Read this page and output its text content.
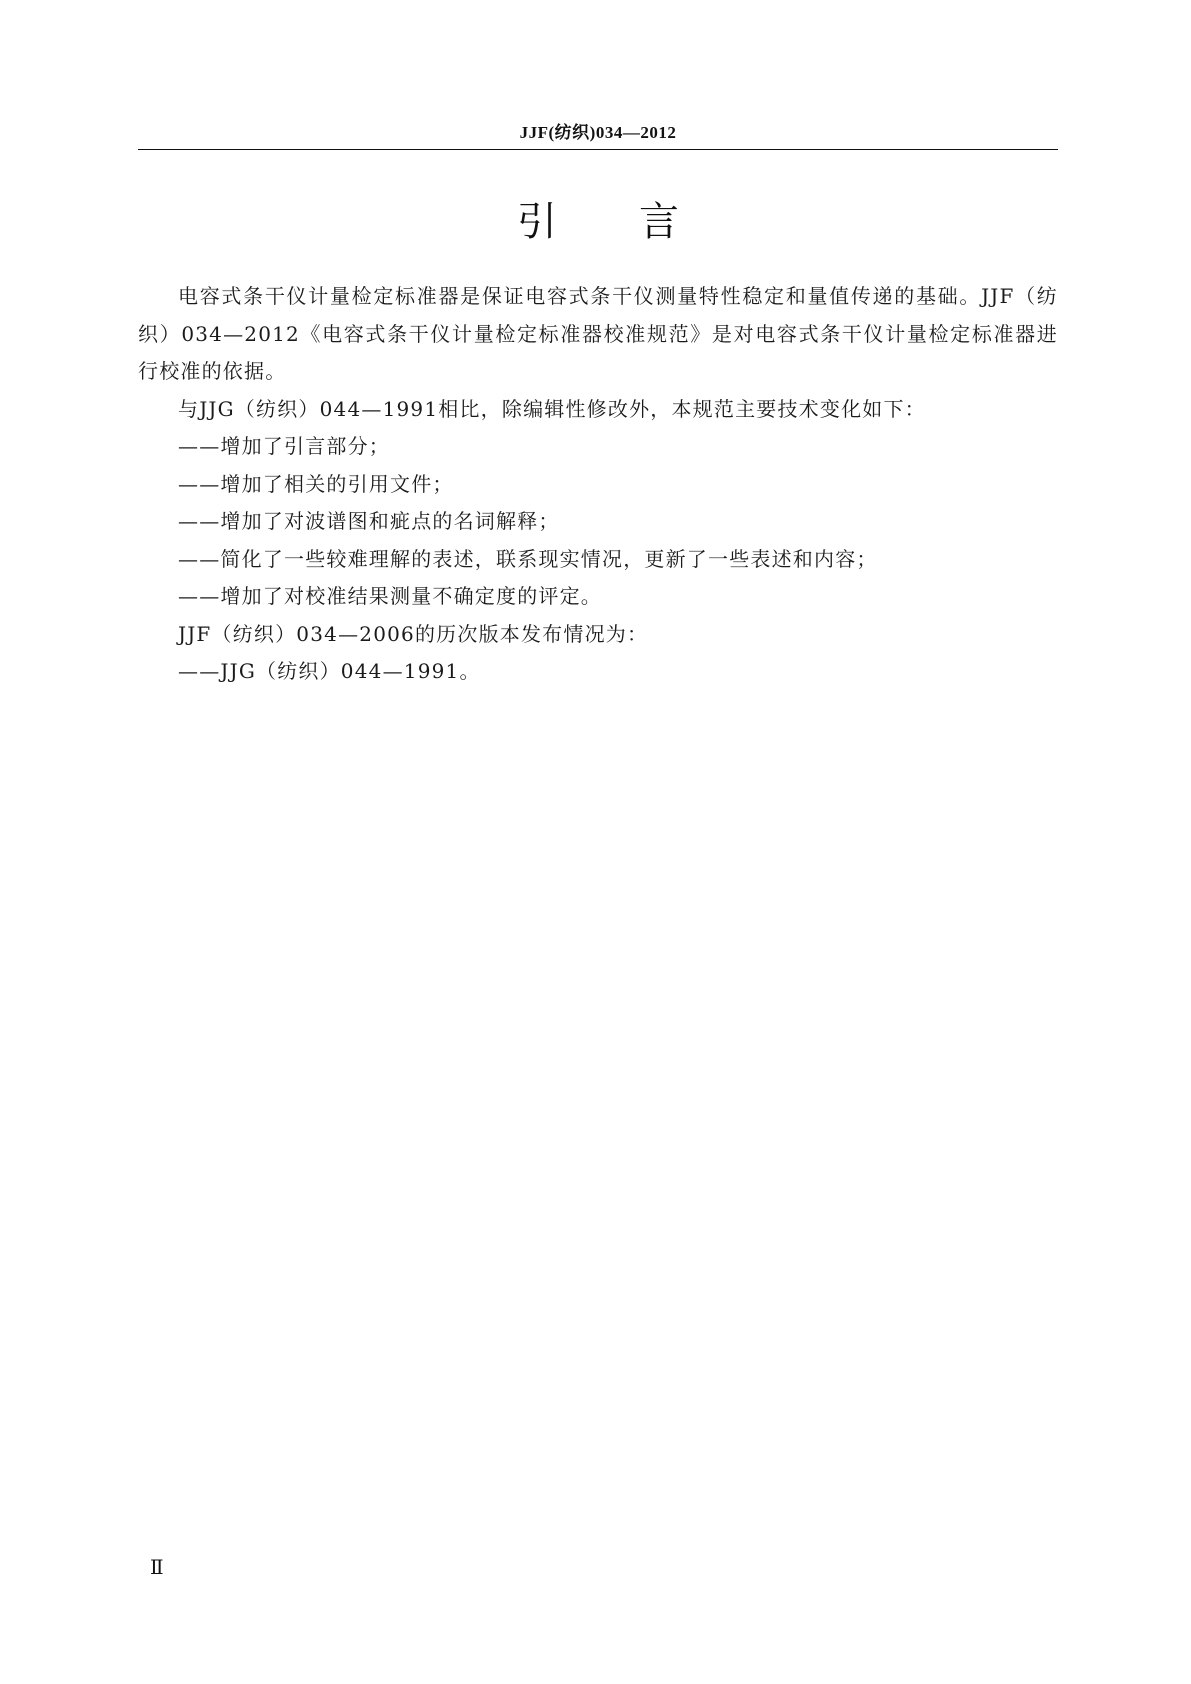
JJF(纺织)034—2012
引 言

电容式条干仪计量检定标准器是保证电容式条干仪测量特性稳定和量值传递的基础。JJF（纺织）034—2012《电容式条干仪计量检定标准器校准规范》是对电容式条干仪计量检定标准器进行校准的依据。

与JJG（纺织）044—1991相比，除编辑性修改外，本规范主要技术变化如下：

——增加了引言部分；

——增加了相关的引用文件；

——增加了对波谱图和疵点的名词解释；

——简化了一些较难理解的表述，联系现实情况，更新了一些表述和内容；

——增加了对校准结果测量不确定度的评定。

JJF（纺织）034—2006的历次版本发布情况为：

——JJG（纺织）044—1991。

Ⅱ
